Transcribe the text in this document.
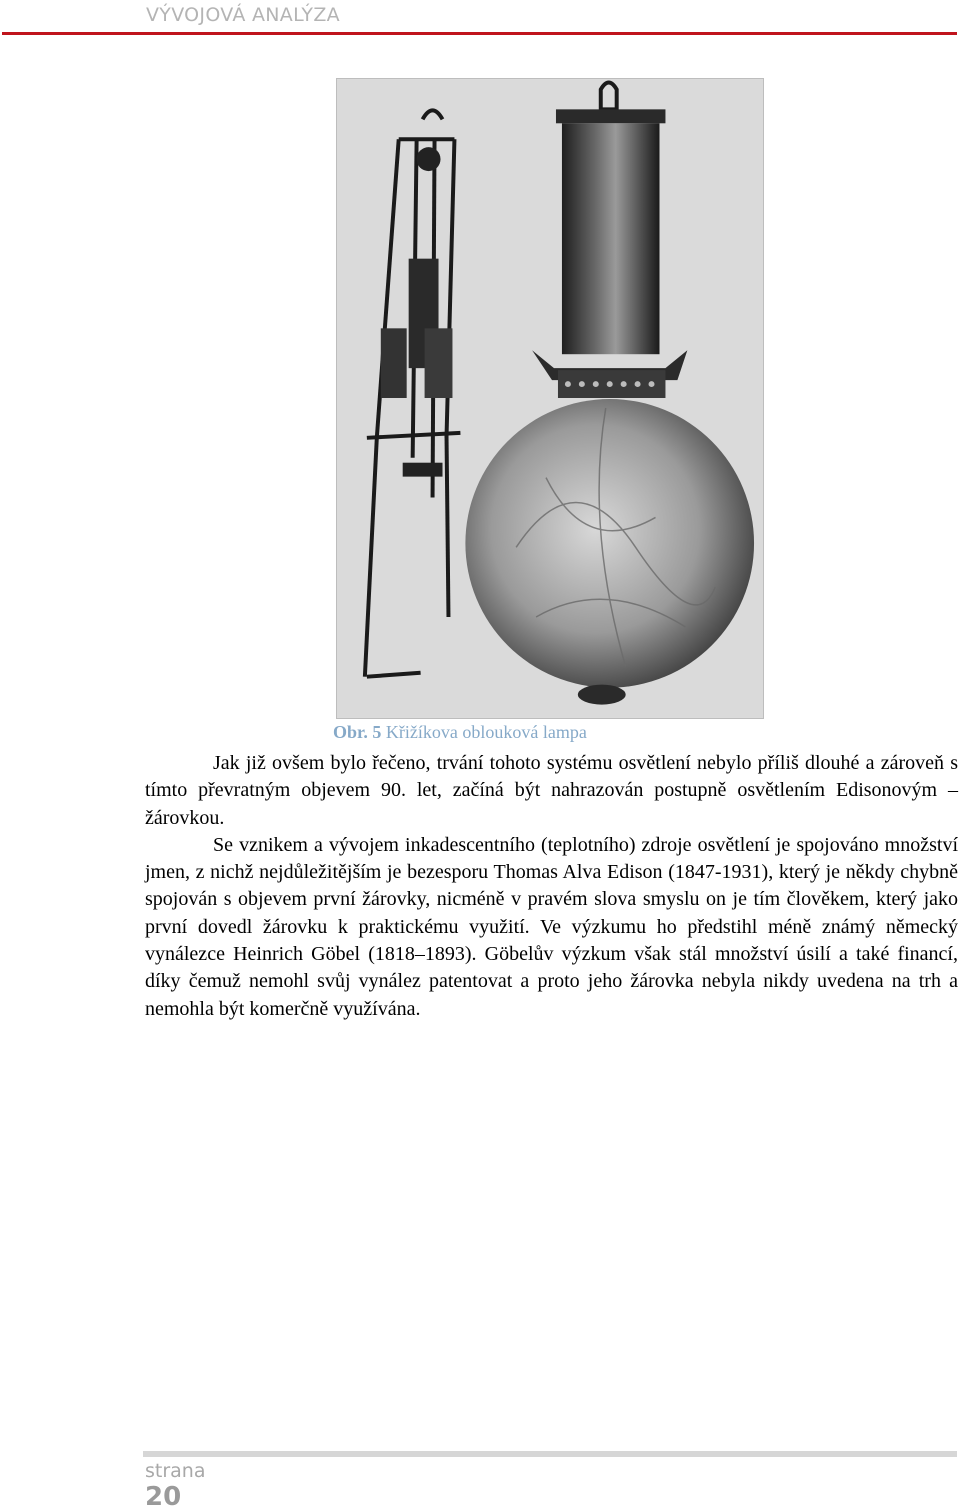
VÝVOJOVÁ ANALÝZA
Obr. 5 Křižíkova oblouková lampa

Jak již ovšem bylo řečeno, trvání tohoto systému osvětlení nebylo příliš dlouhé a zároveň s tímto převratným objevem 90. let, začíná být nahrazován postupně osvětlením Edisonovým – žárovkou.

Se vznikem a vývojem inkadescentního (teplotního) zdroje osvětlení je spojováno množství jmen, z nichž nejdůležitějším je bezesporu Thomas Alva Edison (1847-1931), který je někdy chybně spojován s objevem první žárovky, nicméně v pravém slova smyslu on je tím člověkem, který jako první dovedl žárovku k praktickému využití. Ve výzkumu ho předstihl méně známý německý vynálezce Heinrich Göbel (1818–1893). Göbelův výzkum však stál množství úsilí a také financí, díky čemuž nemohl svůj vynález patentovat a proto jeho žárovka nebyla nikdy uvedena na trh a nemohla být komerčně využívána.

strana
20
